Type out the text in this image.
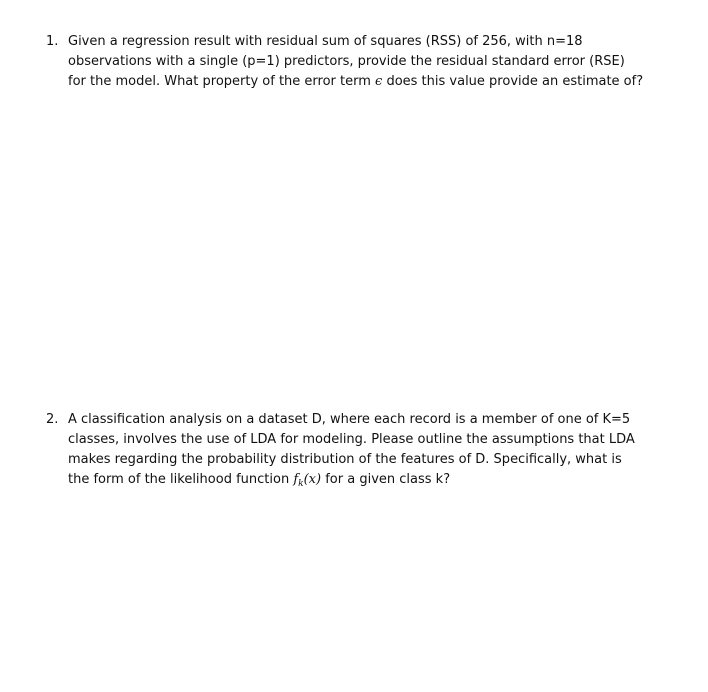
1. Given a regression result with residual sum of squares (RSS) of 256, with n=18 observations with a single (p=1) predictors, provide the residual standard error (RSE) for the model. What property of the error term ϵ does this value provide an estimate of?
2. A classification analysis on a dataset D, where each record is a member of one of K=5 classes, involves the use of LDA for modeling. Please outline the assumptions that LDA makes regarding the probability distribution of the features of D. Specifically, what is the form of the likelihood function $f_k(x)$ for a given class k?
